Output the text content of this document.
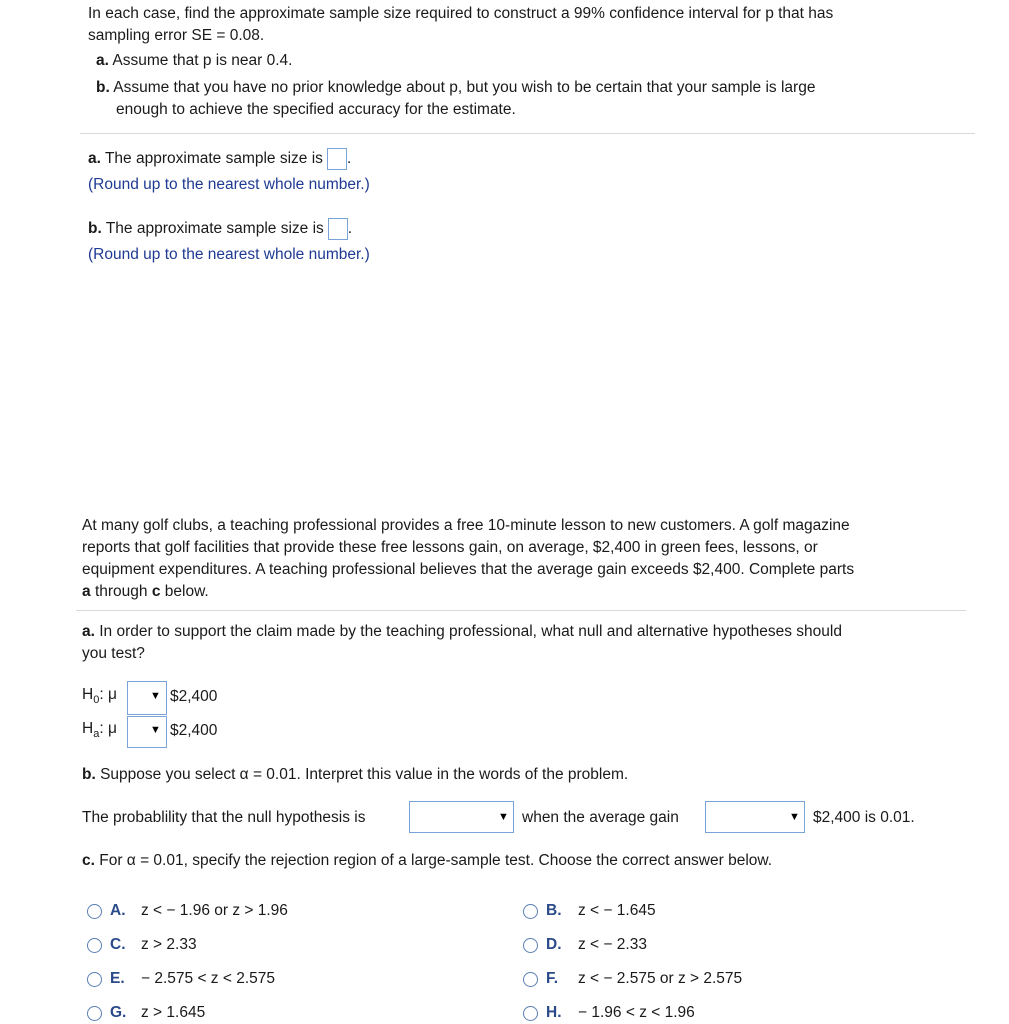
In each case, find the approximate sample size required to construct a 99% confidence interval for p that has
sampling error SE = 0.08.
a. Assume that p is near 0.4.
b. Assume that you have no prior knowledge about p, but you wish to be certain that your sample is large
enough to achieve the specified accuracy for the estimate.
a. The approximate sample size is .
(Round up to the nearest whole number.)
b. The approximate sample size is .
(Round up to the nearest whole number.)
At many golf clubs, a teaching professional provides a free 10-minute lesson to new customers. A golf magazine
reports that golf facilities that provide these free lessons gain, on average, $2,400 in green fees, lessons, or
equipment expenditures. A teaching professional believes that the average gain exceeds $2,400. Complete parts
a through c below.
a. In order to support the claim made by the teaching professional, what null and alternative hypotheses should
you test?
$H_0$: μ	▼ $2,400
$H_a$: μ	▼ $2,400
b. Suppose you select α = 0.01. Interpret this value in the words of the problem.
The probablility that the null hypothesis is	▼ when the average gain	▼ $2,400 is 0.01.
c. For α = 0.01, specify the rejection region of a large-sample test. Choose the correct answer below.
A. z < − 1.96 or z > 1.96	B. z < − 1.645
C. z > 2.33	D. z < − 2.33
E. − 2.575 < z < 2.575	F. z < − 2.575 or z > 2.575
G. z > 1.645	H. − 1.96 < z < 1.96
